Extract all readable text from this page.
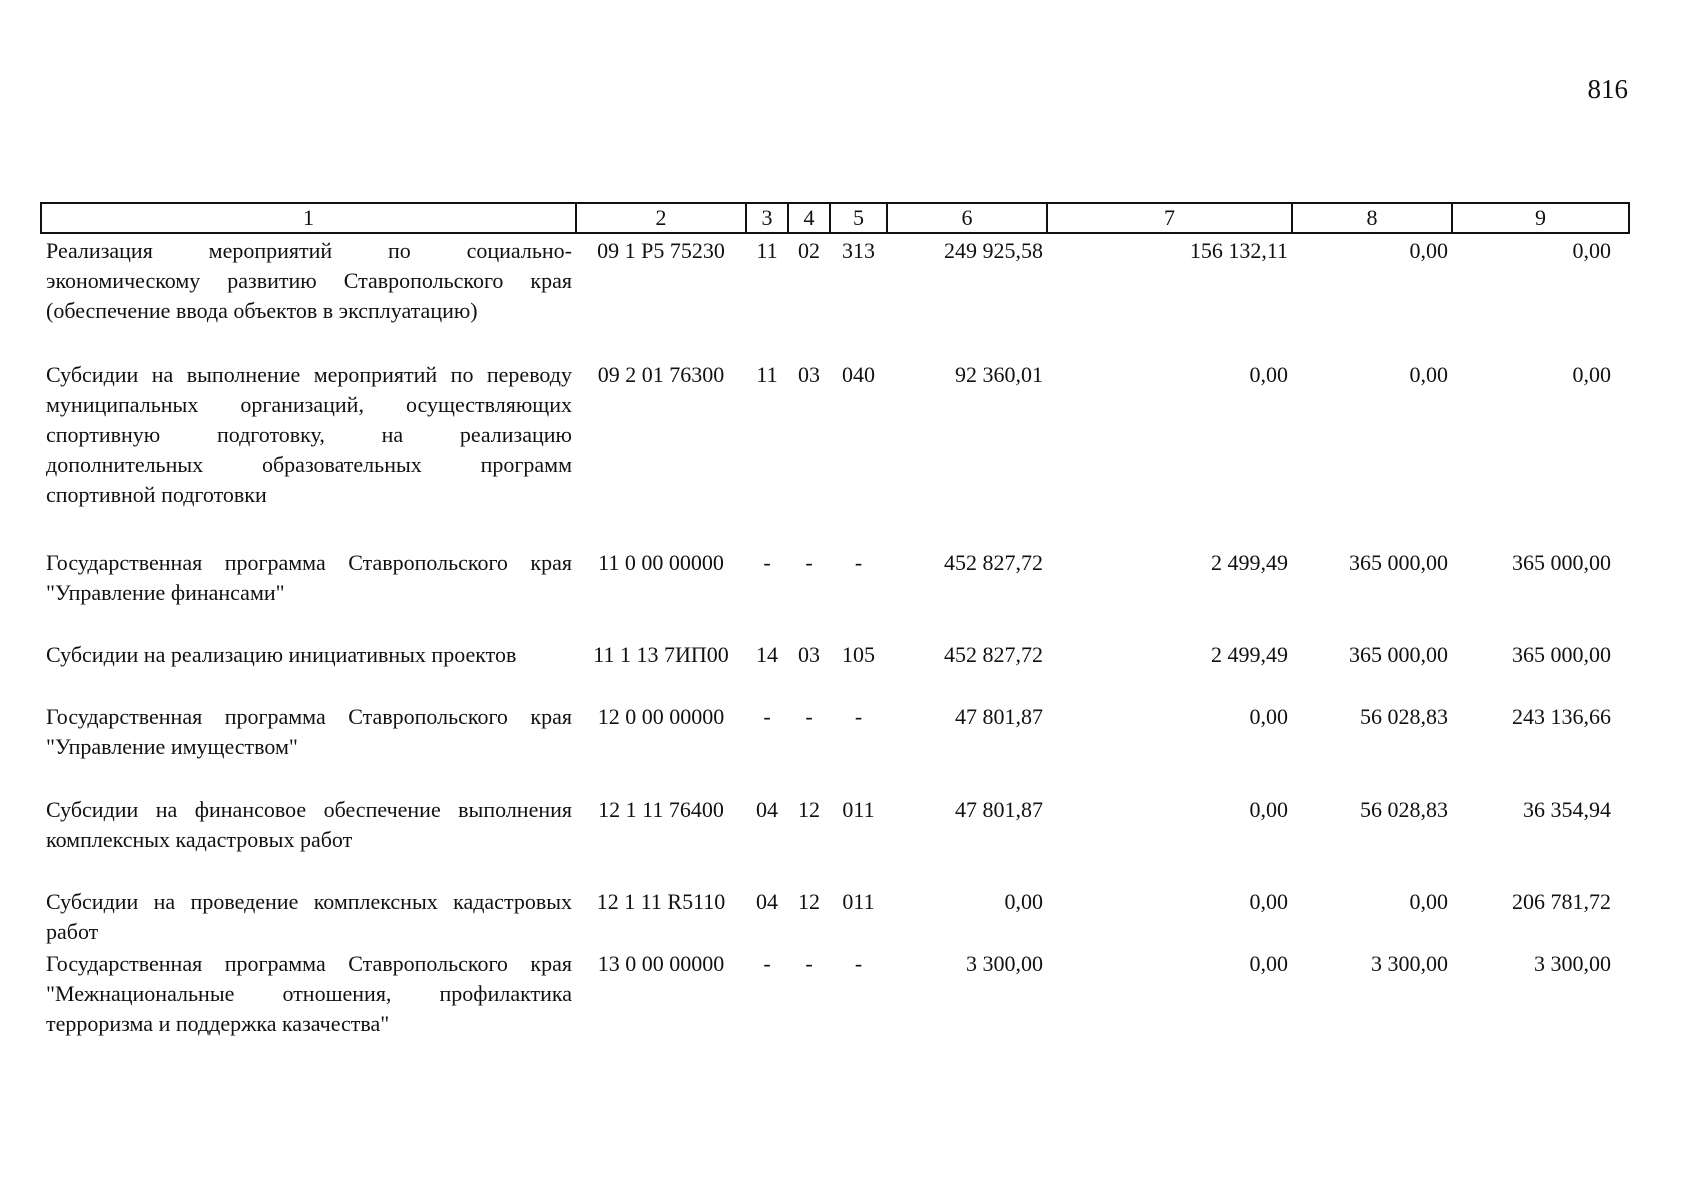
816
1	2	3	4	5	6	7	8	9
Реализация мероприятий по социально-экономическому развитию Ставропольского края (обеспечение ввода объектов в эксплуатацию)	09 1 P5 75230	11	02	313	249 925,58	156 132,11	0,00	0,00
Субсидии на выполнение мероприятий по переводу муниципальных организаций, осуществляющих спортивную подготовку, на реализацию дополнительных образовательных программ спортивной подготовки	09 2 01 76300	11	03	040	92 360,01	0,00	0,00	0,00
Государственная программа Ставропольского края "Управление финансами"	11 0 00 00000	-	-	-	452 827,72	2 499,49	365 000,00	365 000,00
Субсидии на реализацию инициативных проектов	11 1 13 7ИП00	14	03	105	452 827,72	2 499,49	365 000,00	365 000,00
Государственная программа Ставропольского края "Управление имуществом"	12 0 00 00000	-	-	-	47 801,87	0,00	56 028,83	243 136,66
Субсидии на финансовое обеспечение выполнения комплексных кадастровых работ	12 1 11 76400	04	12	011	47 801,87	0,00	56 028,83	36 354,94
Субсидии на проведение комплексных кадастровых работ	12 1 11 R5110	04	12	011	0,00	0,00	0,00	206 781,72
Государственная программа Ставропольского края "Межнациональные отношения, профилактика терроризма и поддержка казачества"	13 0 00 00000	-	-	-	3 300,00	0,00	3 300,00	3 300,00
